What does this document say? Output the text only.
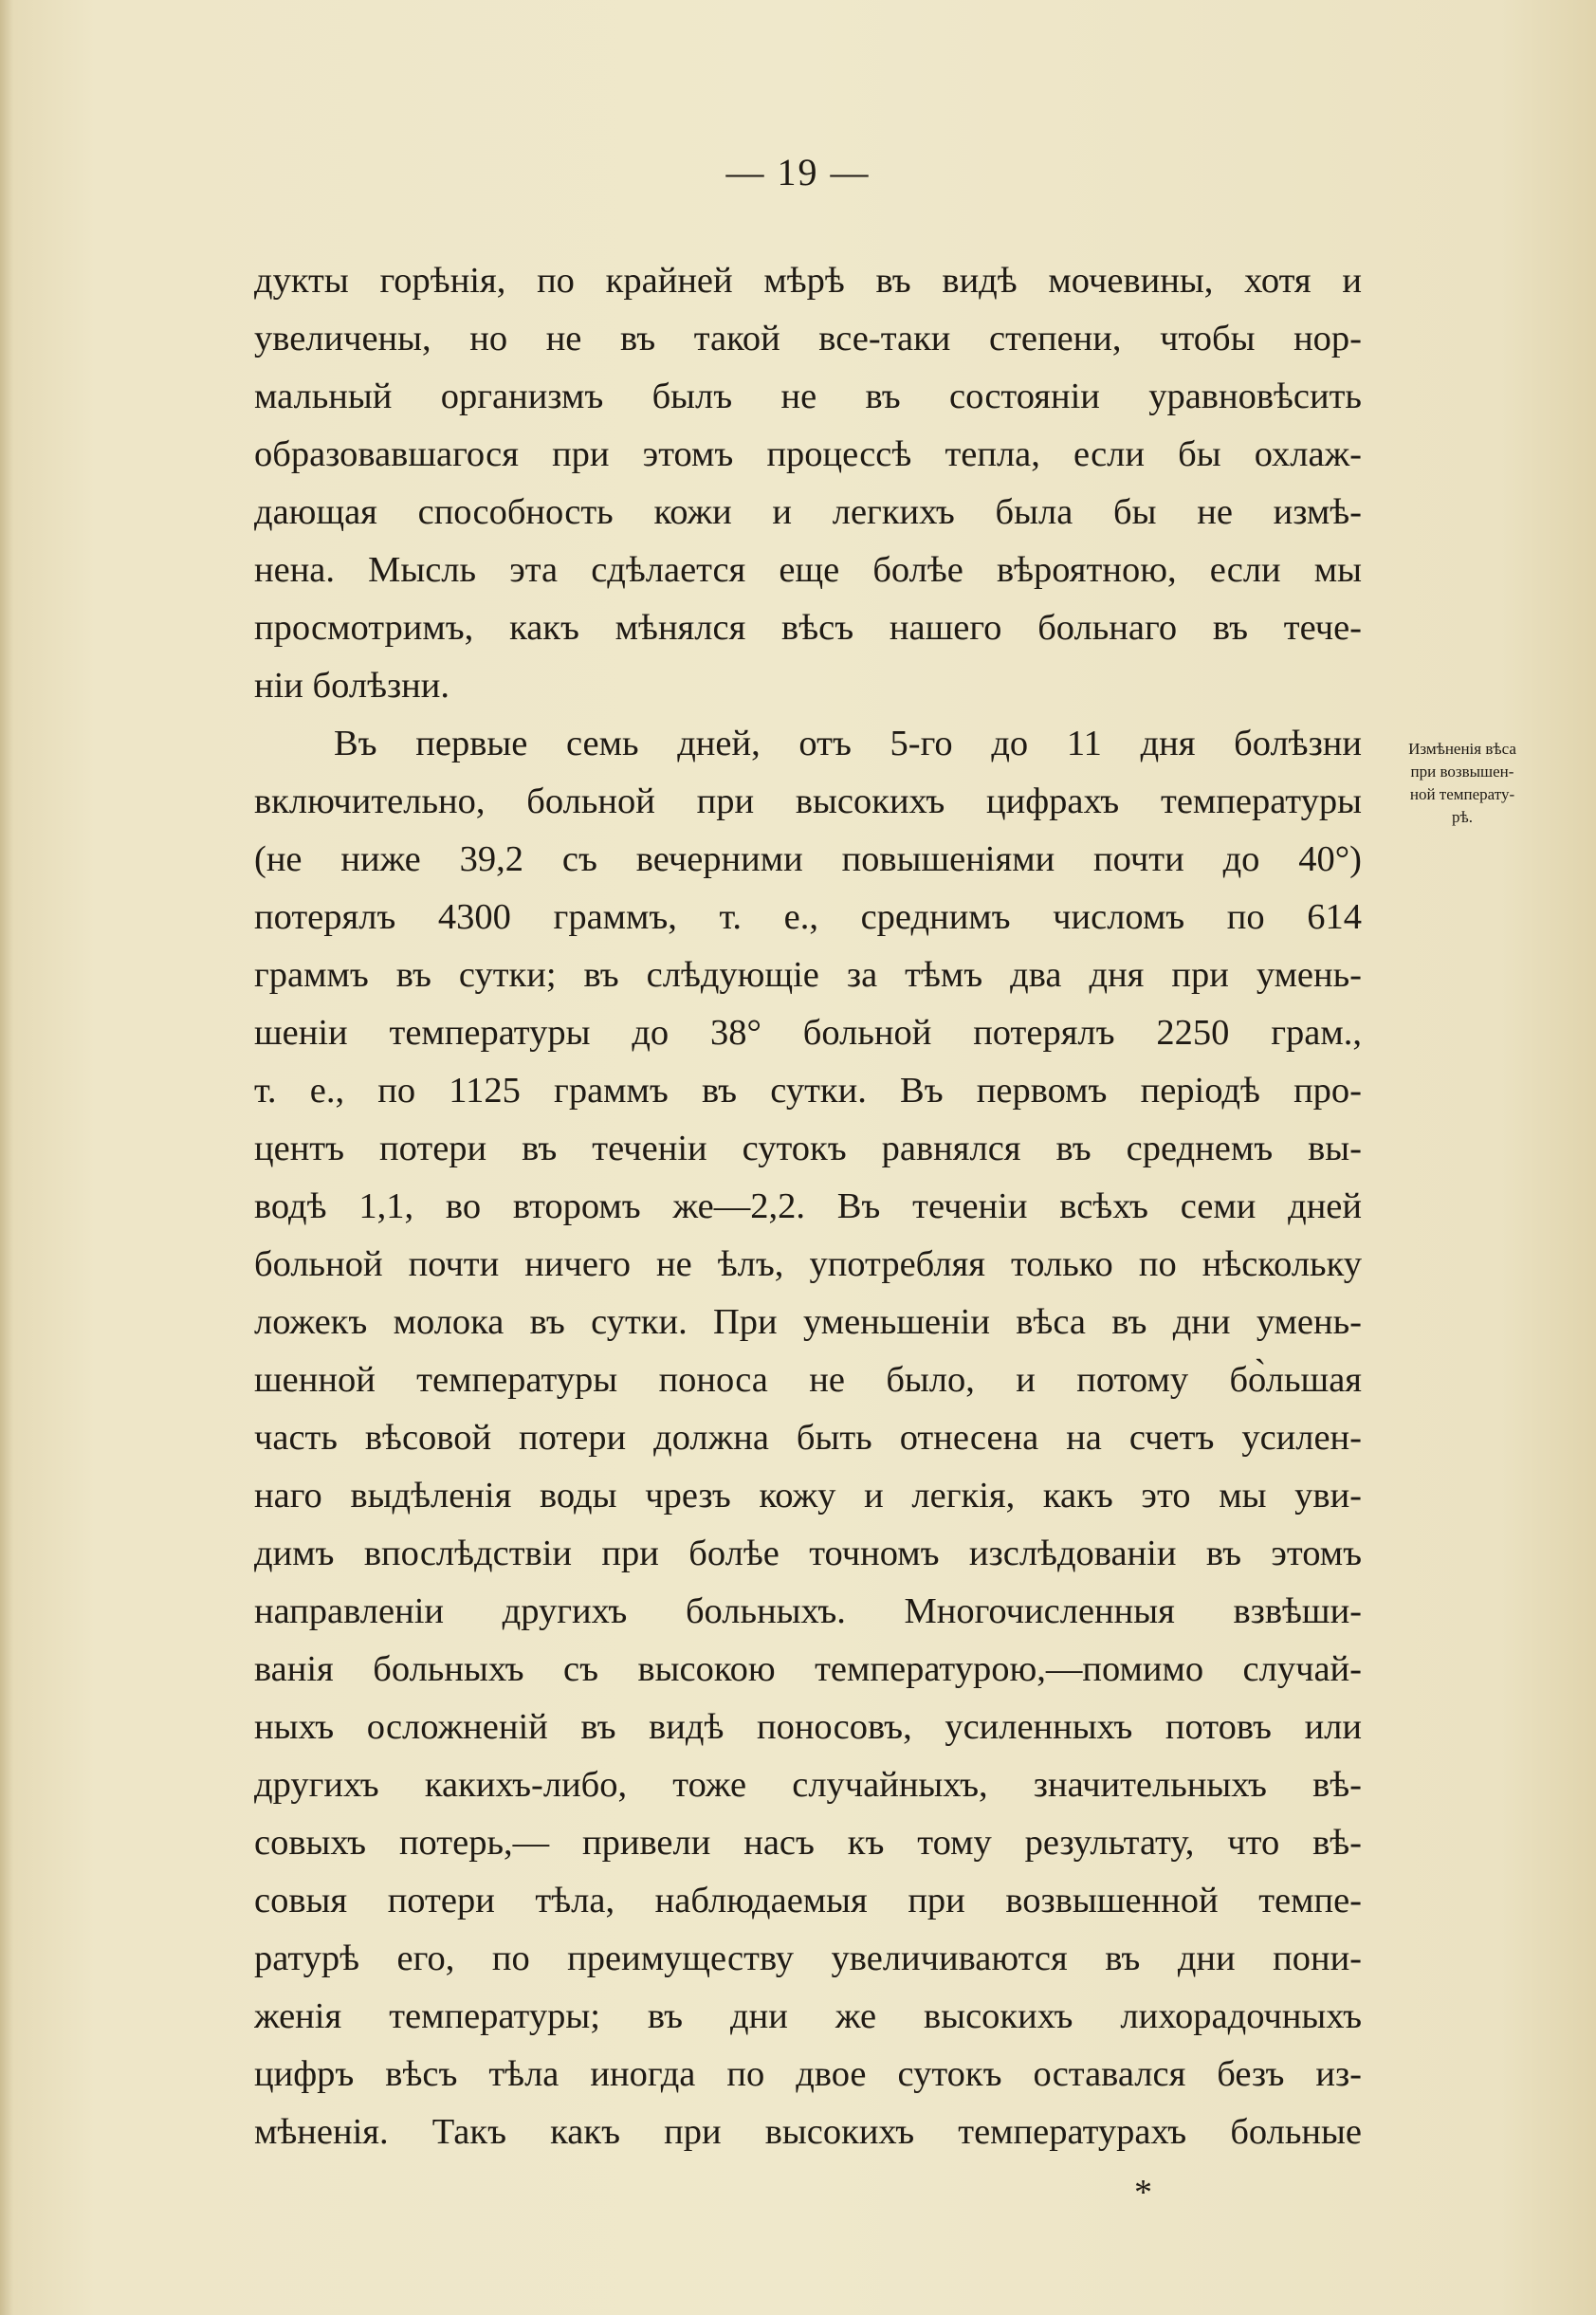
— 19 —
дукты горѣнія, по крайней мѣрѣ въ видѣ мочевины, хотя и
увеличены, но не въ такой все-таки степени, чтобы нор-
мальный организмъ былъ не въ состояніи уравновѣсить
образовавшагося при этомъ процессѣ тепла, если бы охлаж-
дающая способность кожи и легкихъ была бы не измѣ-
нена. Мысль эта сдѣлается еще болѣе вѣроятною, если мы
просмотримъ, какъ мѣнялся вѣсъ нашего больнаго въ тече-
ніи болѣзни.
Въ первые семь дней, отъ 5-го до 11 дня болѣзни
включительно, больной при высокихъ цифрахъ температуры
(не ниже 39,2 съ вечерними повышеніями почти до 40°)
потерялъ 4300 граммъ, т. е., среднимъ числомъ по 614
граммъ въ сутки; въ слѣдующіе за тѣмъ два дня при умень-
шеніи температуры до 38° больной потерялъ 2250 грам.,
т. е., по 1125 граммъ въ сутки. Въ первомъ періодѣ про-
центъ потери въ теченіи сутокъ равнялся въ среднемъ вы-
водѣ 1,1, во второмъ же—2,2. Въ теченіи всѣхъ семи дней
больной почти ничего не ѣлъ, употребляя только по нѣскольку
ложекъ молока въ сутки. При уменьшеніи вѣса въ дни умень-
шенной температуры поноса не было, и потому бо̀льшая
часть вѣсовой потери должна быть отнесена на счетъ усилен-
наго выдѣленія воды чрезъ кожу и легкія, какъ это мы уви-
димъ впослѣдствіи при болѣе точномъ изслѣдованіи въ этомъ
направленіи другихъ больныхъ. Многочисленныя взвѣши-
ванія больныхъ съ высокою температурою,—помимо случай-
ныхъ осложненій въ видѣ поносовъ, усиленныхъ потовъ или
другихъ какихъ-либо, тоже случайныхъ, значительныхъ вѣ-
совыхъ потерь,— привели насъ къ тому результату, что вѣ-
совыя потери тѣла, наблюдаемыя при возвышенной темпе-
ратурѣ его, по преимуществу увеличиваются въ дни пони-
женія температуры; въ дни же высокихъ лихорадочныхъ
цифръ вѣсъ тѣла иногда по двое сутокъ оставался безъ из-
мѣненія. Такъ какъ при высокихъ температурахъ больные
Измѣненія вѣса
при возвышен-
ной температу-
рѣ.
*
